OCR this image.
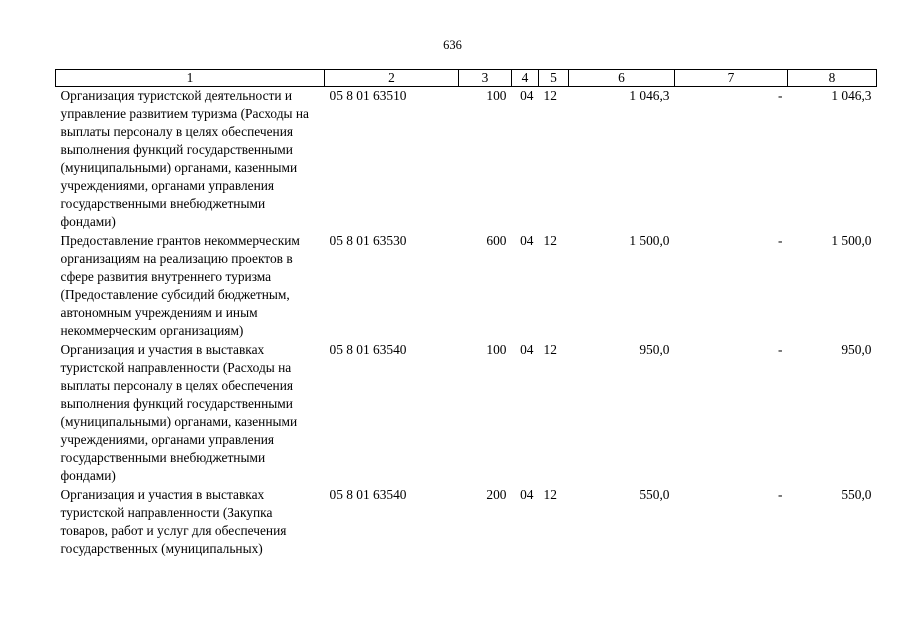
636
1	2	3	4	5	6	7	8
Организация туристской деятельности и управление развитием туризма (Расходы на выплаты персоналу в целях обеспечения выполнения функций государственными (муниципальными) органами, казенными учреждениями, органами управления государственными внебюджетными фондами)	05 8 01 63510	100	04	12	1 046,3	-	1 046,3
Предоставление грантов некоммерческим организациям на реализацию проектов в сфере развития внутреннего туризма (Предоставление субсидий бюджетным, автономным учреждениям и иным некоммерческим организациям)	05 8 01 63530	600	04	12	1 500,0	-	1 500,0
Организация и участия в выставках туристской направленности (Расходы на выплаты персоналу в целях обеспечения выполнения функций государственными (муниципальными) органами, казенными учреждениями, органами управления государственными внебюджетными фондами)	05 8 01 63540	100	04	12	950,0	-	950,0
Организация и участия в выставках туристской направленности (Закупка товаров, работ и услуг для обеспечения государственных (муниципальных)	05 8 01 63540	200	04	12	550,0	-	550,0
